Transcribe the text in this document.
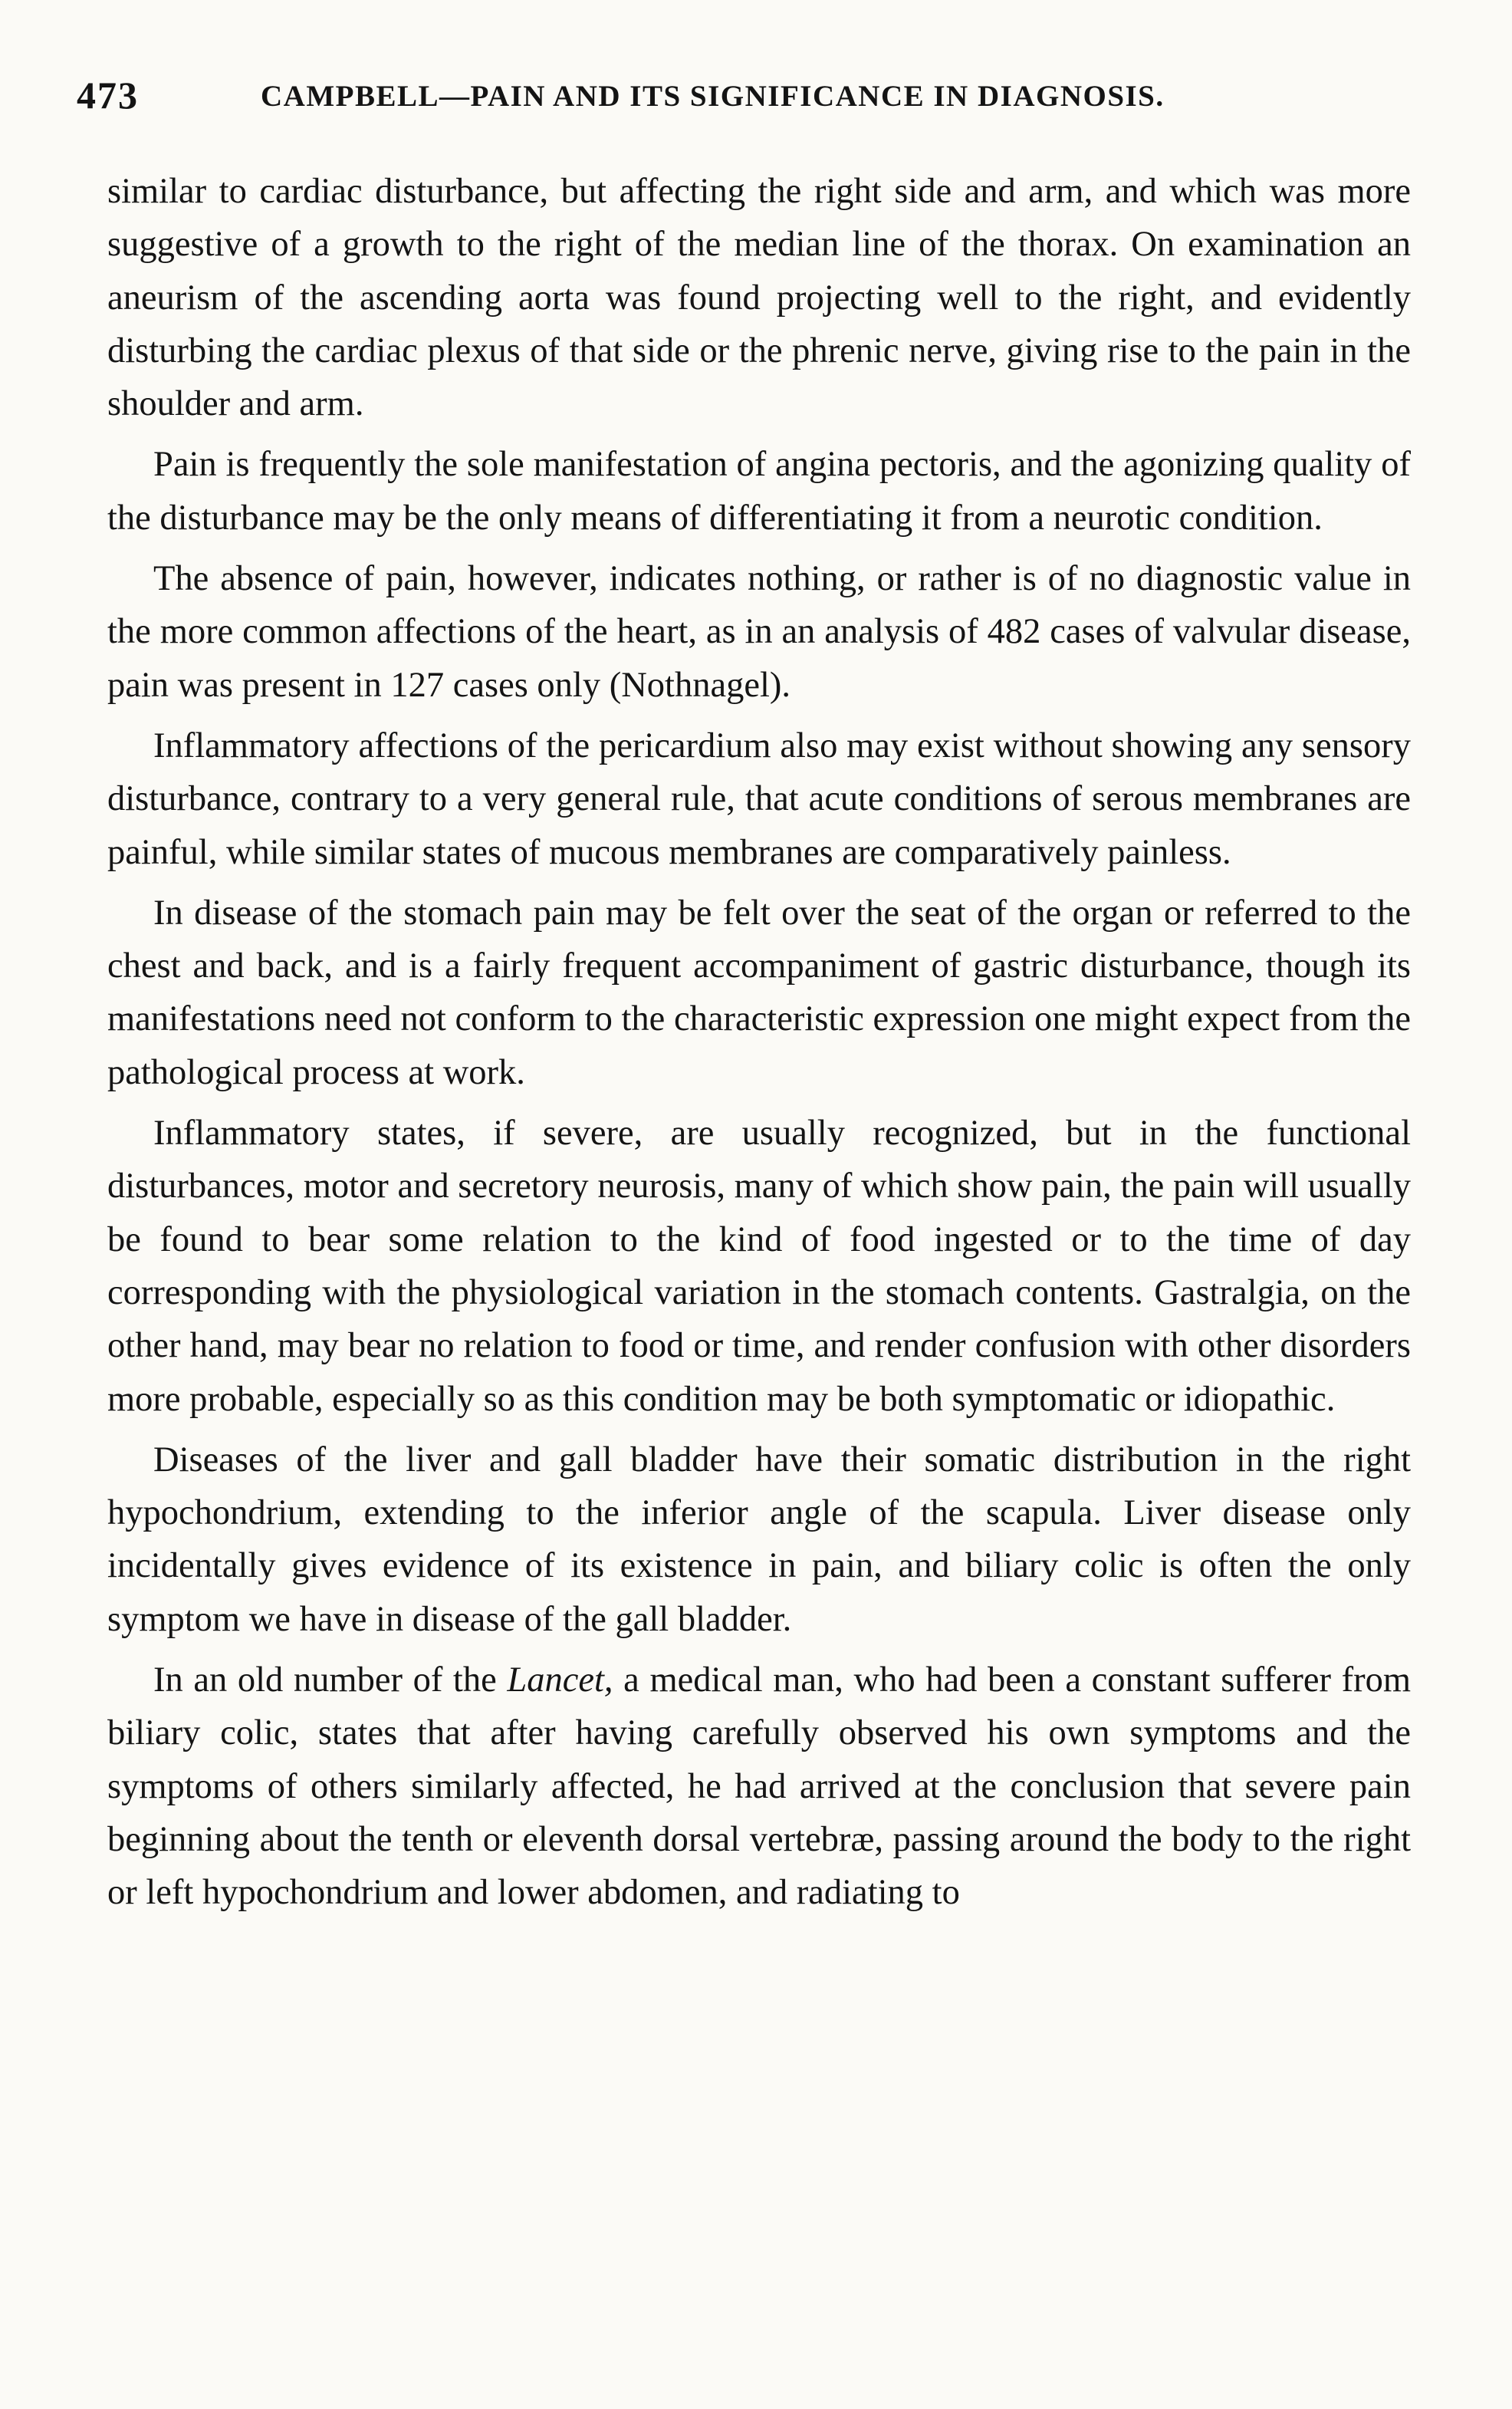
473	CAMPBELL—PAIN AND ITS SIGNIFICANCE IN DIAGNOSIS.

similar to cardiac disturbance, but affecting the right side and arm, and which was more suggestive of a growth to the right of the median line of the thorax. On examination an aneurism of the ascending aorta was found projecting well to the right, and evidently disturbing the cardiac plexus of that side or the phrenic nerve, giving rise to the pain in the shoulder and arm.

Pain is frequently the sole manifestation of angina pectoris, and the agonizing quality of the disturbance may be the only means of differentiating it from a neurotic condition.

The absence of pain, however, indicates nothing, or rather is of no diagnostic value in the more common affections of the heart, as in an analysis of 482 cases of valvular disease, pain was present in 127 cases only (Nothnagel).

Inflammatory affections of the pericardium also may exist without showing any sensory disturbance, contrary to a very general rule, that acute conditions of serous membranes are painful, while similar states of mucous membranes are comparatively painless.

In disease of the stomach pain may be felt over the seat of the organ or referred to the chest and back, and is a fairly frequent accompaniment of gastric disturbance, though its manifestations need not conform to the characteristic expression one might expect from the pathological process at work.

Inflammatory states, if severe, are usually recognized, but in the functional disturbances, motor and secretory neurosis, many of which show pain, the pain will usually be found to bear some relation to the kind of food ingested or to the time of day corresponding with the physiological variation in the stomach contents. Gastralgia, on the other hand, may bear no relation to food or time, and render confusion with other disorders more probable, especially so as this condition may be both symptomatic or idiopathic.

Diseases of the liver and gall bladder have their somatic distribution in the right hypochondrium, extending to the inferior angle of the scapula. Liver disease only incidentally gives evidence of its existence in pain, and biliary colic is often the only symptom we have in disease of the gall bladder.

In an old number of the Lancet, a medical man, who had been a constant sufferer from biliary colic, states that after having carefully observed his own symptoms and the symptoms of others similarly affected, he had arrived at the conclusion that severe pain beginning about the tenth or eleventh dorsal vertebræ, passing around the body to the right or left hypochondrium and lower abdomen, and radiating to
